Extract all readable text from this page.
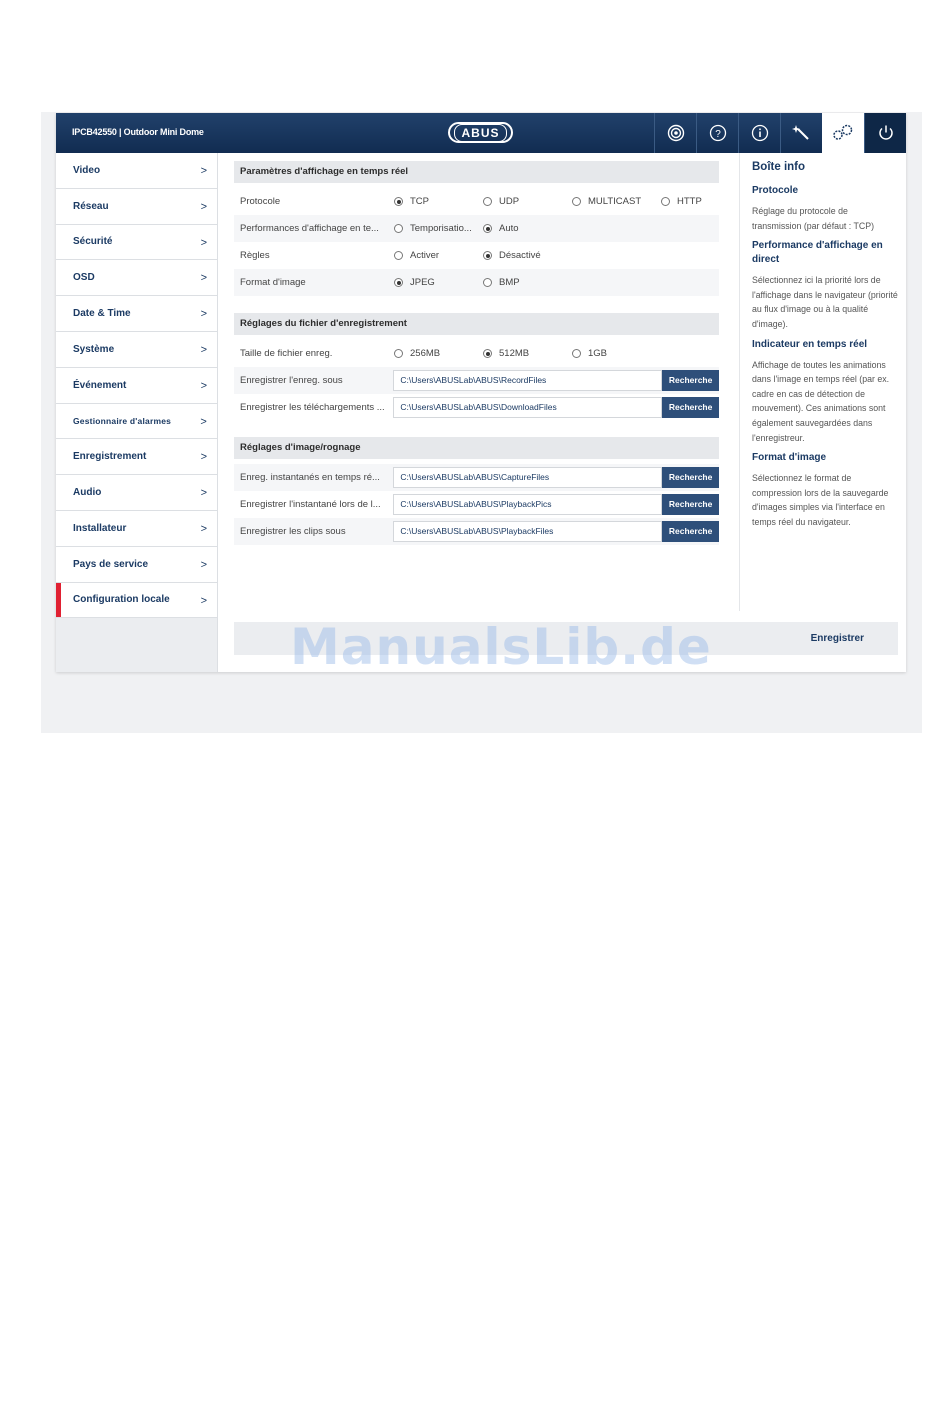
IPCB42550 | Outdoor Mini Dome	ABUS	?
Video	>
Réseau	>
Sécurité	>
OSD	>
Date & Time	>
Système	>
Événement	>
Gestionnaire d'alarmes	>
Enregistrement	>
Audio	>
Installateur	>
Pays de service	>
Configuration locale	>
Paramètres d'affichage en temps réel
Protocole	TCP	UDP	MULTICAST	HTTP
Performances d'affichage en te...	Temporisatio...	Auto
Règles	Activer	Désactivé
Format d'image	JPEG	BMP
Réglages du fichier d'enregistrement
Taille de fichier enreg.	256MB	512MB	1GB
Enregistrer l'enreg. sous	C:\Users\ABUSLab\ABUS\RecordFiles	Recherche
Enregistrer les téléchargements ...	C:\Users\ABUSLab\ABUS\DownloadFiles	Recherche
Réglages d'image/rognage
Enreg. instantanés en temps ré...	C:\Users\ABUSLab\ABUS\CaptureFiles	Recherche
Enregistrer l'instantané lors de l...	C:\Users\ABUSLab\ABUS\PlaybackPics	Recherche
Enregistrer les clips sous	C:\Users\ABUSLab\ABUS\PlaybackFiles	Recherche
Boîte info
Protocole

Réglage du protocole de transmission (par défaut : TCP)

Performance d'affichage en direct

Sélectionnez ici la priorité lors de l'affichage dans le navigateur (priorité au flux d'image ou à la qualité d'image).

Indicateur en temps réel

Affichage de toutes les animations dans l'image en temps réel (par ex. cadre en cas de détection de mouvement). Ces animations sont également sauvegardées dans l'enregistreur.

Format d'image

Sélectionnez le format de compression lors de la sauvegarde d'images simples via l'interface en temps réel du navigateur.

Enregistrer
ManualsLib.de
